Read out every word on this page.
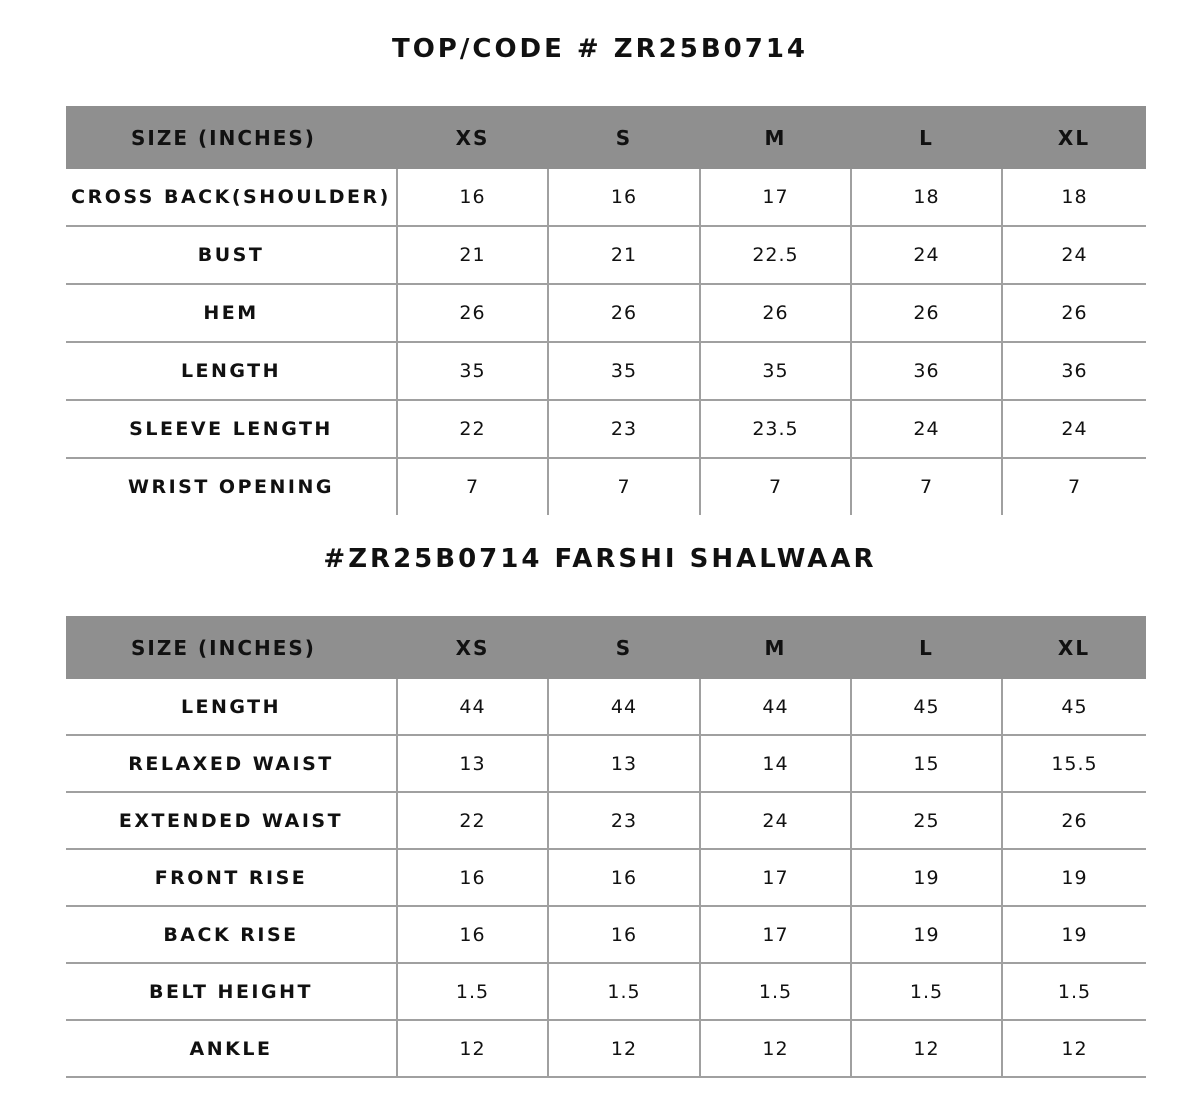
TOP/CODE # ZR25B0714
SIZE (INCHES)	XS	S	M	L	XL
CROSS BACK(SHOULDER)	16	16	17	18	18
BUST	21	21	22.5	24	24
HEM	26	26	26	26	26
LENGTH	35	35	35	36	36
SLEEVE LENGTH	22	23	23.5	24	24
WRIST OPENING	7	7	7	7	7
#ZR25B0714 FARSHI SHALWAAR
SIZE (INCHES)	XS	S	M	L	XL
LENGTH	44	44	44	45	45
RELAXED WAIST	13	13	14	15	15.5
EXTENDED WAIST	22	23	24	25	26
FRONT RISE	16	16	17	19	19
BACK RISE	16	16	17	19	19
BELT HEIGHT	1.5	1.5	1.5	1.5	1.5
ANKLE	12	12	12	12	12
